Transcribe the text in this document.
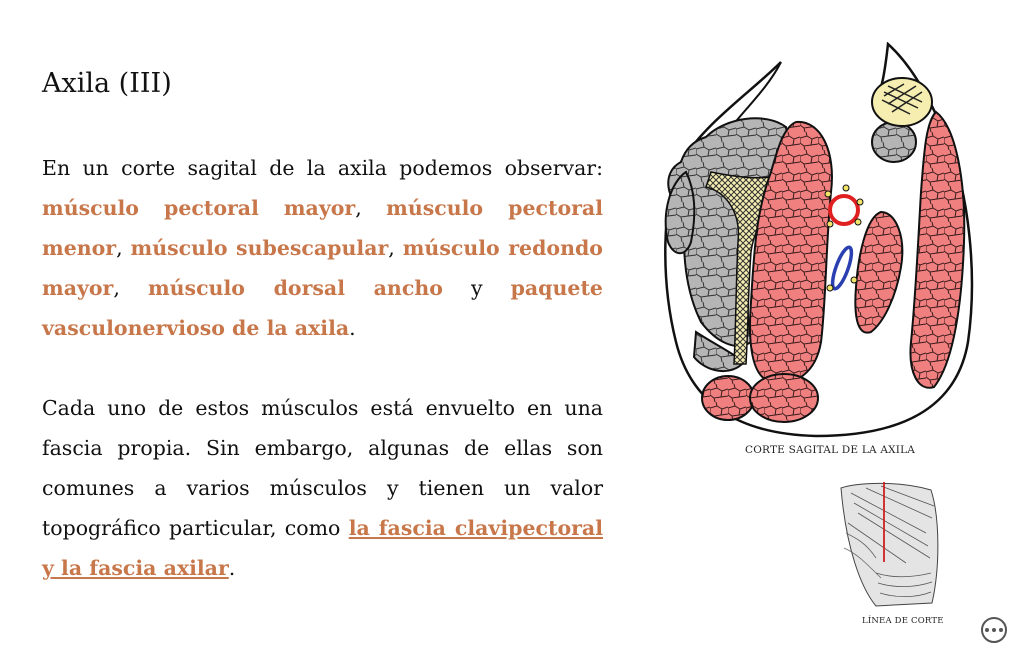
Axila (III)

En un corte sagital de la axila podemos observar: músculo pectoral mayor, músculo pectoral menor, músculo subescapular, músculo redondo mayor, músculo dorsal ancho y paquete vasculonervioso de la axila.

Cada uno de estos músculos está envuelto en una fascia propia. Sin embargo, algunas de ellas son comunes a varios músculos y tienen un valor topográfico particular, como la fascia clavipectoral y la fascia axilar.

CORTE SAGITAL DE LA AXILA
LÍNEA DE CORTE
